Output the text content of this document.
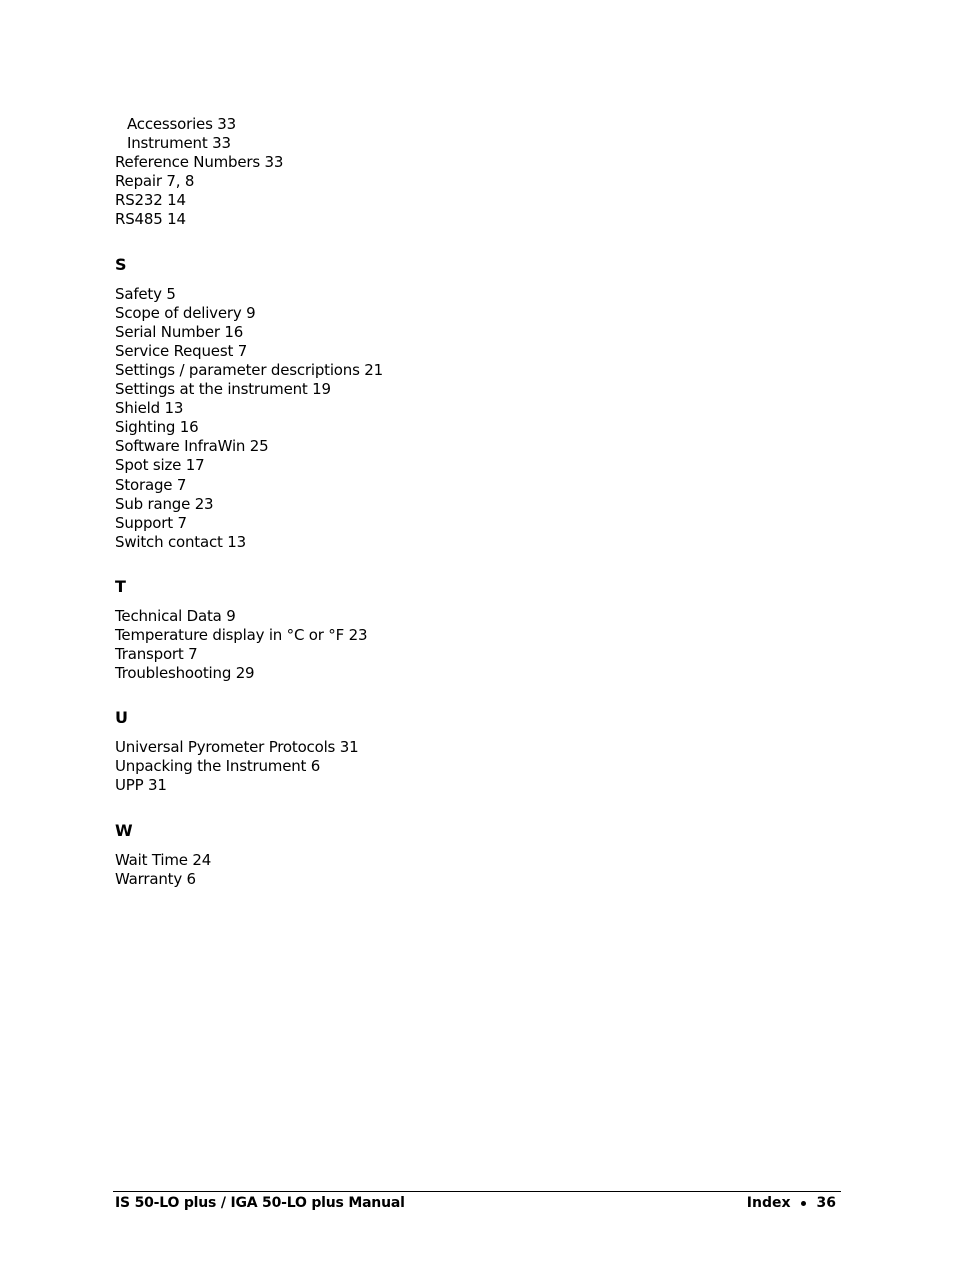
Accessories 33
Instrument 33
Reference Numbers 33
Repair 7, 8
RS232 14
RS485 14
S
Safety 5
Scope of delivery 9
Serial Number 16
Service Request 7
Settings / parameter descriptions 21
Settings at the instrument 19
Shield 13
Sighting 16
Software InfraWin 25
Spot size 17
Storage 7
Sub range 23
Support 7
Switch contact 13
T
Technical Data 9
Temperature display in °C or °F 23
Transport 7
Troubleshooting 29
U
Universal Pyrometer Protocols 31
Unpacking the Instrument 6
UPP 31
W
Wait Time 24
Warranty 6
IS 50-LO plus / IGA 50-LO plus Manual	Index 36
